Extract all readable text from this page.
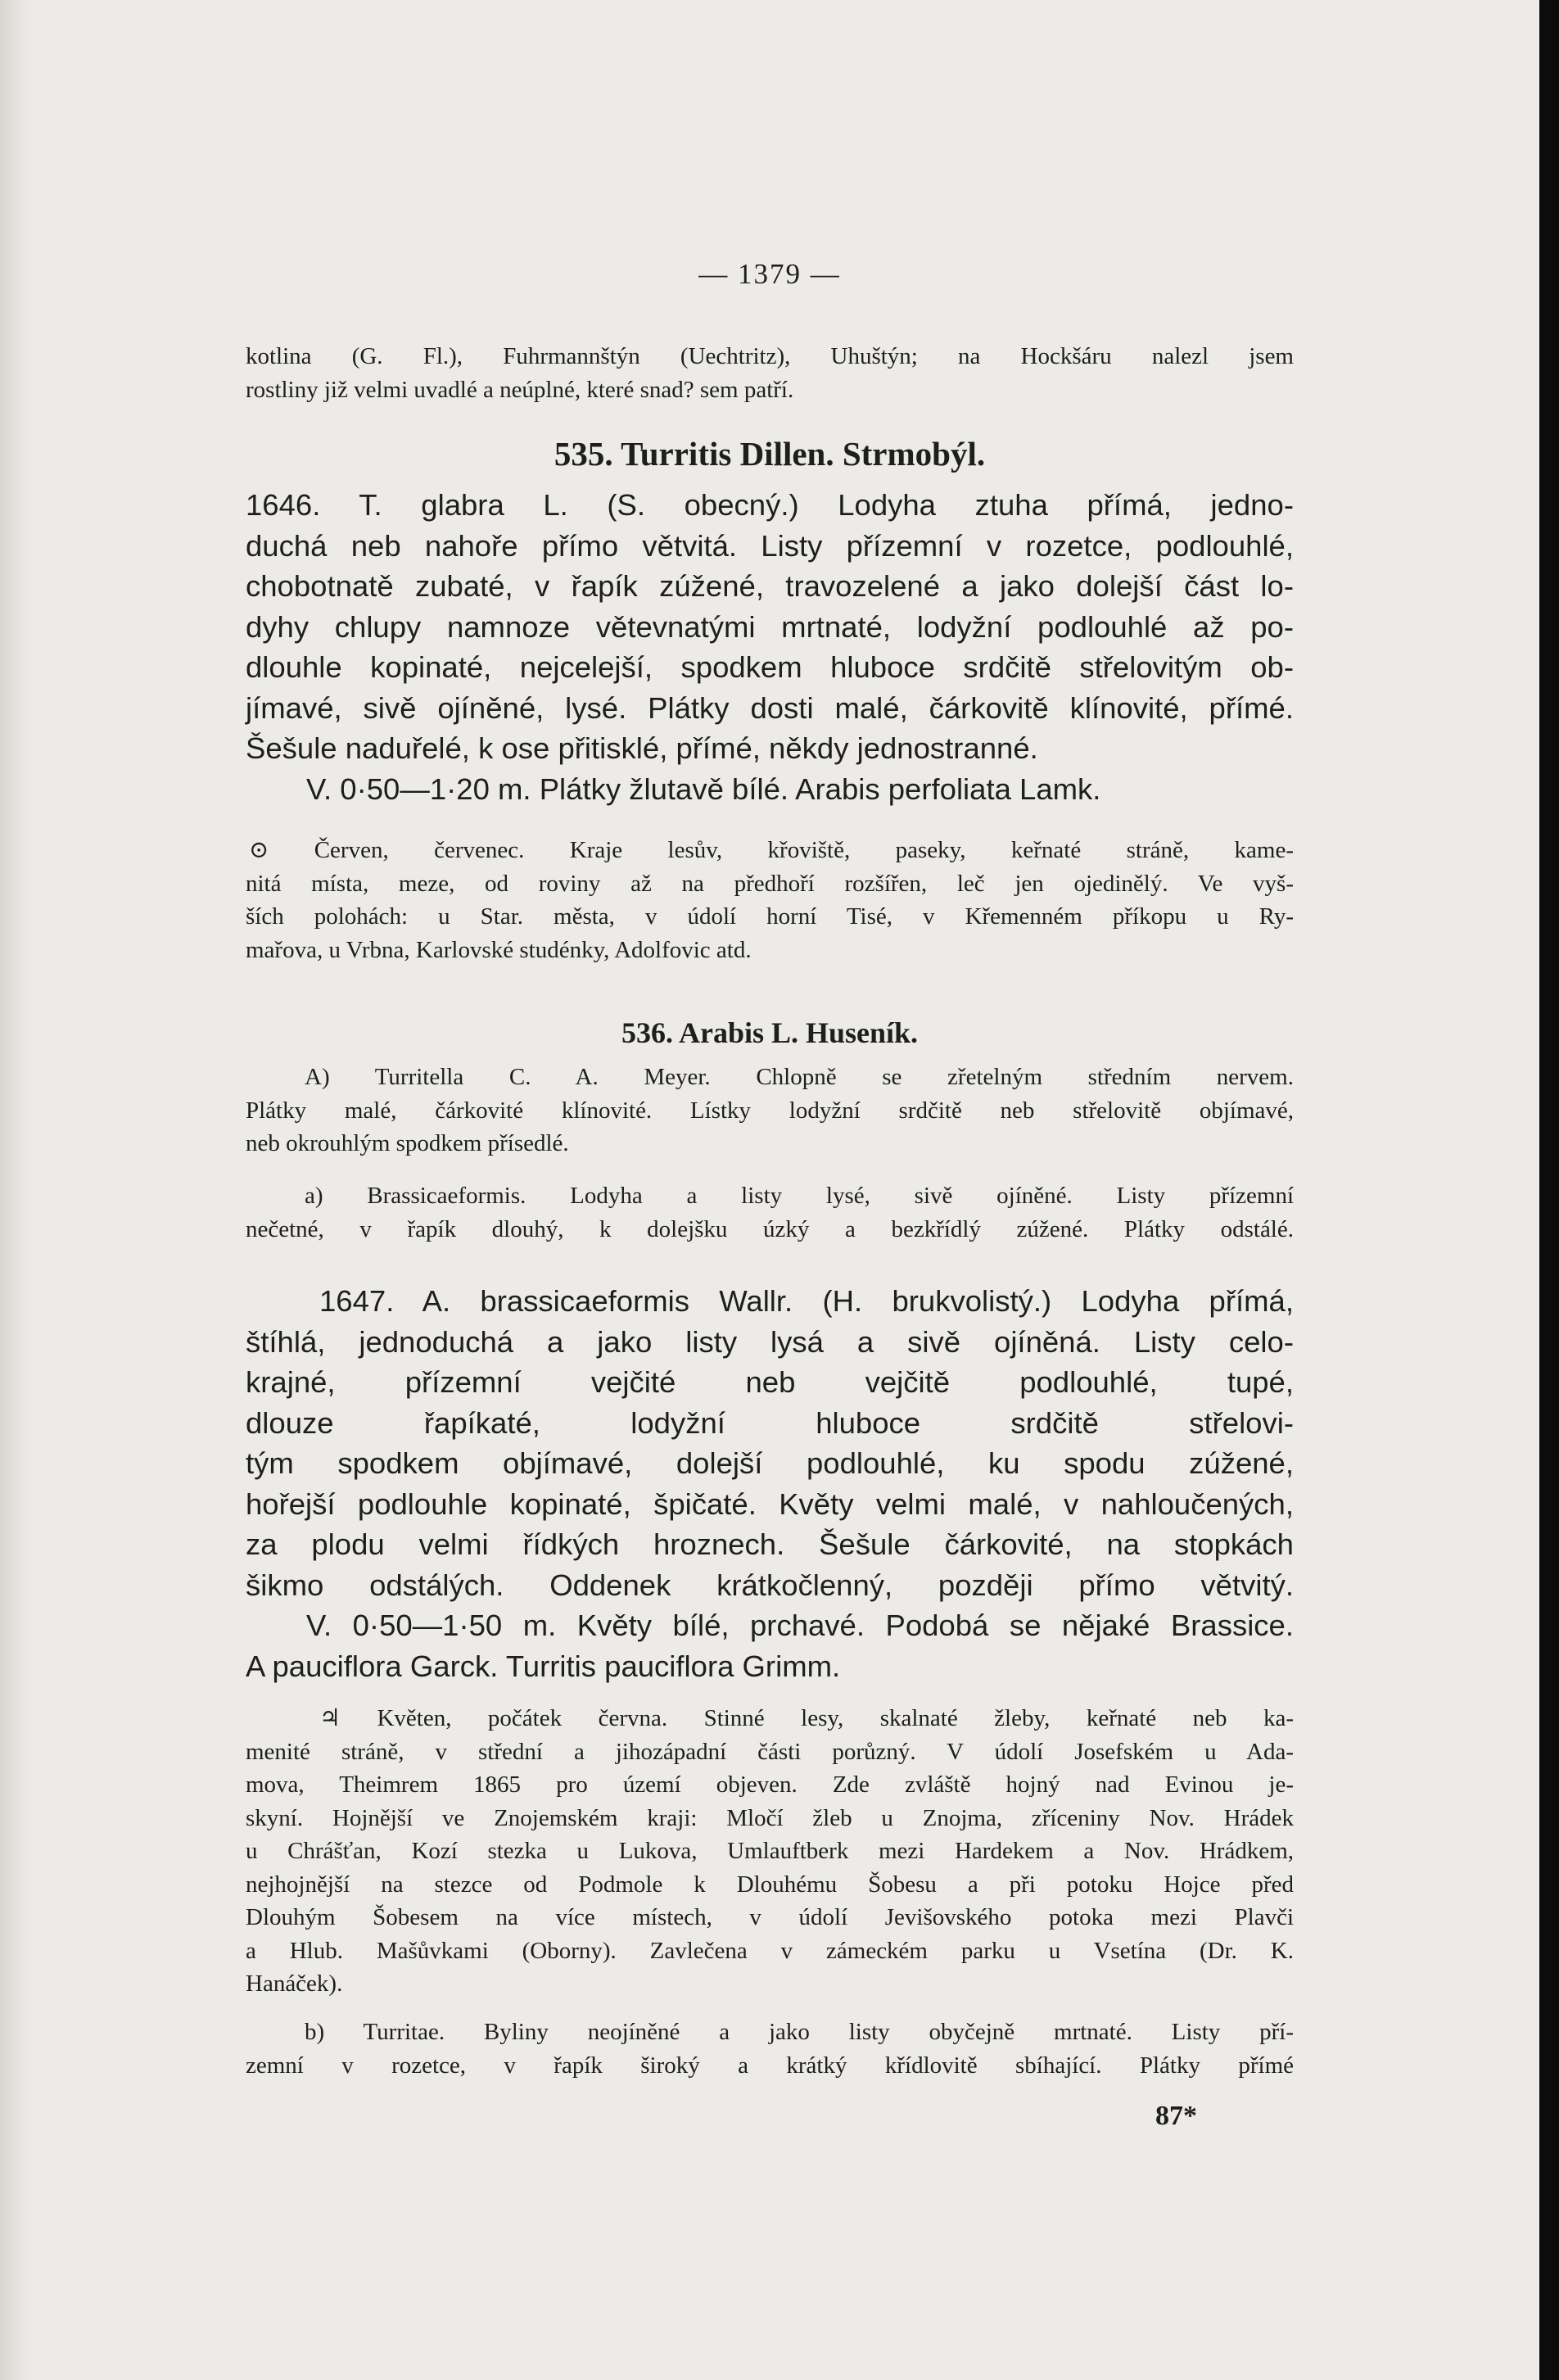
— 1379 —

kotlina (G. Fl.), Fuhrmannštýn (Uechtritz), Uhuštýn; na Hockšáru nalezl jsem

rostliny již velmi uvadlé a neúplné, které snad? sem patří.

535. Turritis Dillen. Strmobýl.

1646. T. glabra L. (S. obecný.) Lodyha ztuha přímá, jedno-

duchá neb nahoře přímo větvitá. Listy přízemní v rozetce, podlouhlé,

chobotnatě zubaté, v řapík zúžené, travozelené a jako dolejší část lo-

dyhy chlupy namnoze větevnatými mrtnaté, lodyžní podlouhlé až po-

dlouhle kopinaté, nejcelejší, spodkem hluboce srdčitě střelovitým ob-

jímavé, sivě ojíněné, lysé. Plátky dosti malé, čárkovitě klínovité, přímé.

Šešule naduřelé, k ose přitisklé, přímé, někdy jednostranné.

V. 0·50—1·20 m. Plátky žlutavě bílé. Arabis perfoliata Lamk.

⊙ Červen, červenec. Kraje lesův, křoviště, paseky, keřnaté stráně, kame-

nitá místa, meze, od roviny až na předhoří rozšířen, leč jen ojedinělý. Ve vyš-

ších polohách: u Star. města, v údolí horní Tisé, v Křemenném příkopu u Ry-

mařova, u Vrbna, Karlovské studénky, Adolfovic atd.

536. Arabis L. Huseník.

A) Turritella C. A. Meyer. Chlopně se zřetelným středním nervem.

Plátky malé, čárkovité klínovité. Lístky lodyžní srdčitě neb střelovitě objímavé,

neb okrouhlým spodkem přísedlé.

a) Brassicaeformis. Lodyha a listy lysé, sivě ojíněné. Listy přízemní

nečetné, v řapík dlouhý, k dolejšku úzký a bezkřídlý zúžené. Plátky odstálé.

1647. A. brassicaeformis Wallr. (H. brukvolistý.) Lodyha přímá,

štíhlá, jednoduchá a jako listy lysá a sivě ojíněná. Listy celo-

krajné, přízemní vejčité neb vejčitě podlouhlé, tupé,

dlouze řapíkaté, lodyžní hluboce srdčitě střelovi-

tým spodkem objímavé, dolejší podlouhlé, ku spodu zúžené,

hořejší podlouhle kopinaté, špičaté. Květy velmi malé, v nahloučených,

za plodu velmi řídkých hroznech. Šešule čárkovité, na stopkách

šikmo odstálých. Oddenek krátkočlenný, později přímo větvitý.

V. 0·50—1·50 m. Květy bílé, prchavé. Podobá se nějaké Brassice.

A pauciflora Garck. Turritis pauciflora Grimm.

♃ Květen, počátek června. Stinné lesy, skalnaté žleby, keřnaté neb ka-

menité stráně, v střední a jihozápadní části porůzný. V údolí Josefském u Ada-

mova, Theimrem 1865 pro území objeven. Zde zvláště hojný nad Evinou je-

skyní. Hojnější ve Znojemském kraji: Mločí žleb u Znojma, zříceniny Nov. Hrádek

u Chrášťan, Kozí stezka u Lukova, Umlauftberk mezi Hardekem a Nov. Hrádkem,

nejhojnější na stezce od Podmole k Dlouhému Šobesu a při potoku Hojce před

Dlouhým Šobesem na více místech, v údolí Jevišovského potoka mezi Plavči

a Hlub. Mašůvkami (Oborny). Zavlečena v zámeckém parku u Vsetína (Dr. K.

Hanáček).

b) Turritae. Byliny neojíněné a jako listy obyčejně mrtnaté. Listy pří-

zemní v rozetce, v řapík široký a krátký křídlovitě sbíhající. Plátky přímé

87*
